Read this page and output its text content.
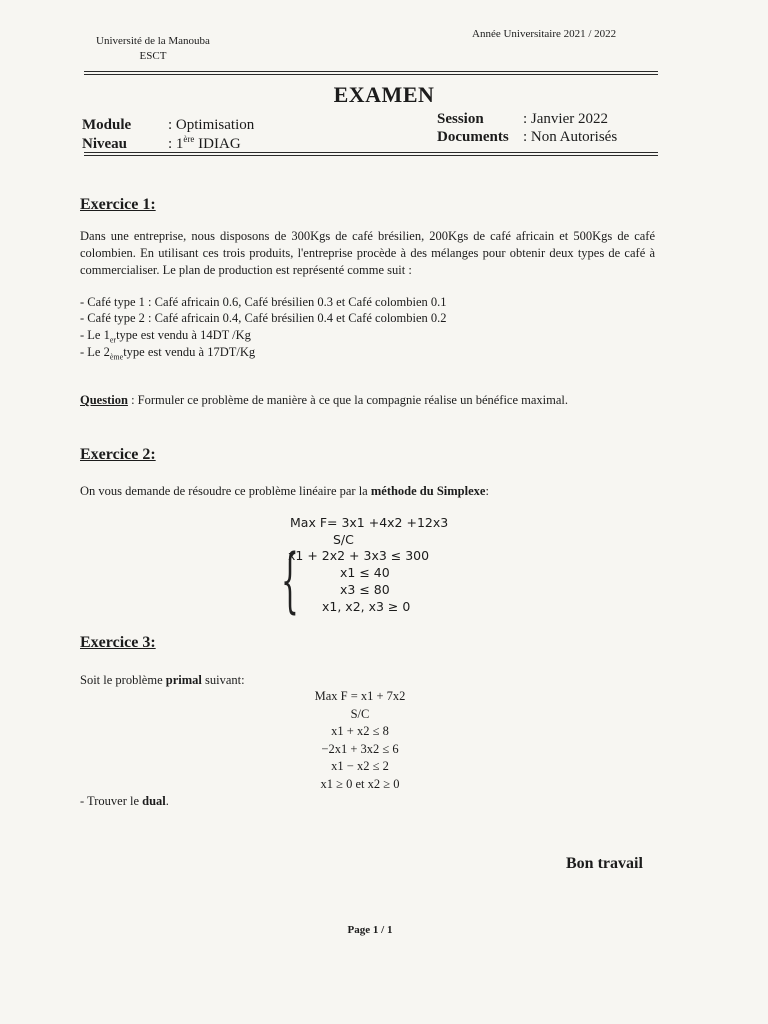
Université de la Manouba
ESCT
Année Universitaire 2021 / 2022
EXAMEN
Module : Optimisation
Niveau	: 1ère IDIAG
Session	: Janvier 2022
Documents : Non Autorisés
Exercice 1:
Dans une entreprise, nous disposons de 300Kgs de café brésilien, 200Kgs de café africain et 500Kgs de café colombien. En utilisant ces trois produits, l'entreprise procède à des mélanges pour obtenir deux types de café à commercialiser. Le plan de production est représenté comme suit :
- Café type 1 : Café africain 0.6, Café brésilien 0.3 et Café colombien 0.1
- Café type 2 : Café africain 0.4, Café brésilien 0.4 et Café colombien 0.2
- Le $1_{er}type$ est vendu à 14DT /Kg
- Le $2_{ème}type$ est vendu à 17DT/Kg
Question : Formuler ce problème de manière à ce que la compagnie réalise un bénéfice maximal.
Exercice 2:
On vous demande de résoudre ce problème linéaire par la méthode du Simplexe:
Max F= 3x1 +4x2 +12x3
S/C
{
x1 + 2x2 + 3x3 ≤ 300
x1 ≤ 40
x3 ≤ 80
x1, x2, x3 ≥ 0
Exercice 3:
Soit le problème primal suivant:
Max F = x1 + 7x2
S/C
x1 + x2 ≤ 8
−2x1 + 3x2 ≤ 6
x1 − x2 ≤ 2
x1 ≥ 0 et x2 ≥ 0
- Trouver le dual.
Bon travail
Page 1 / 1
